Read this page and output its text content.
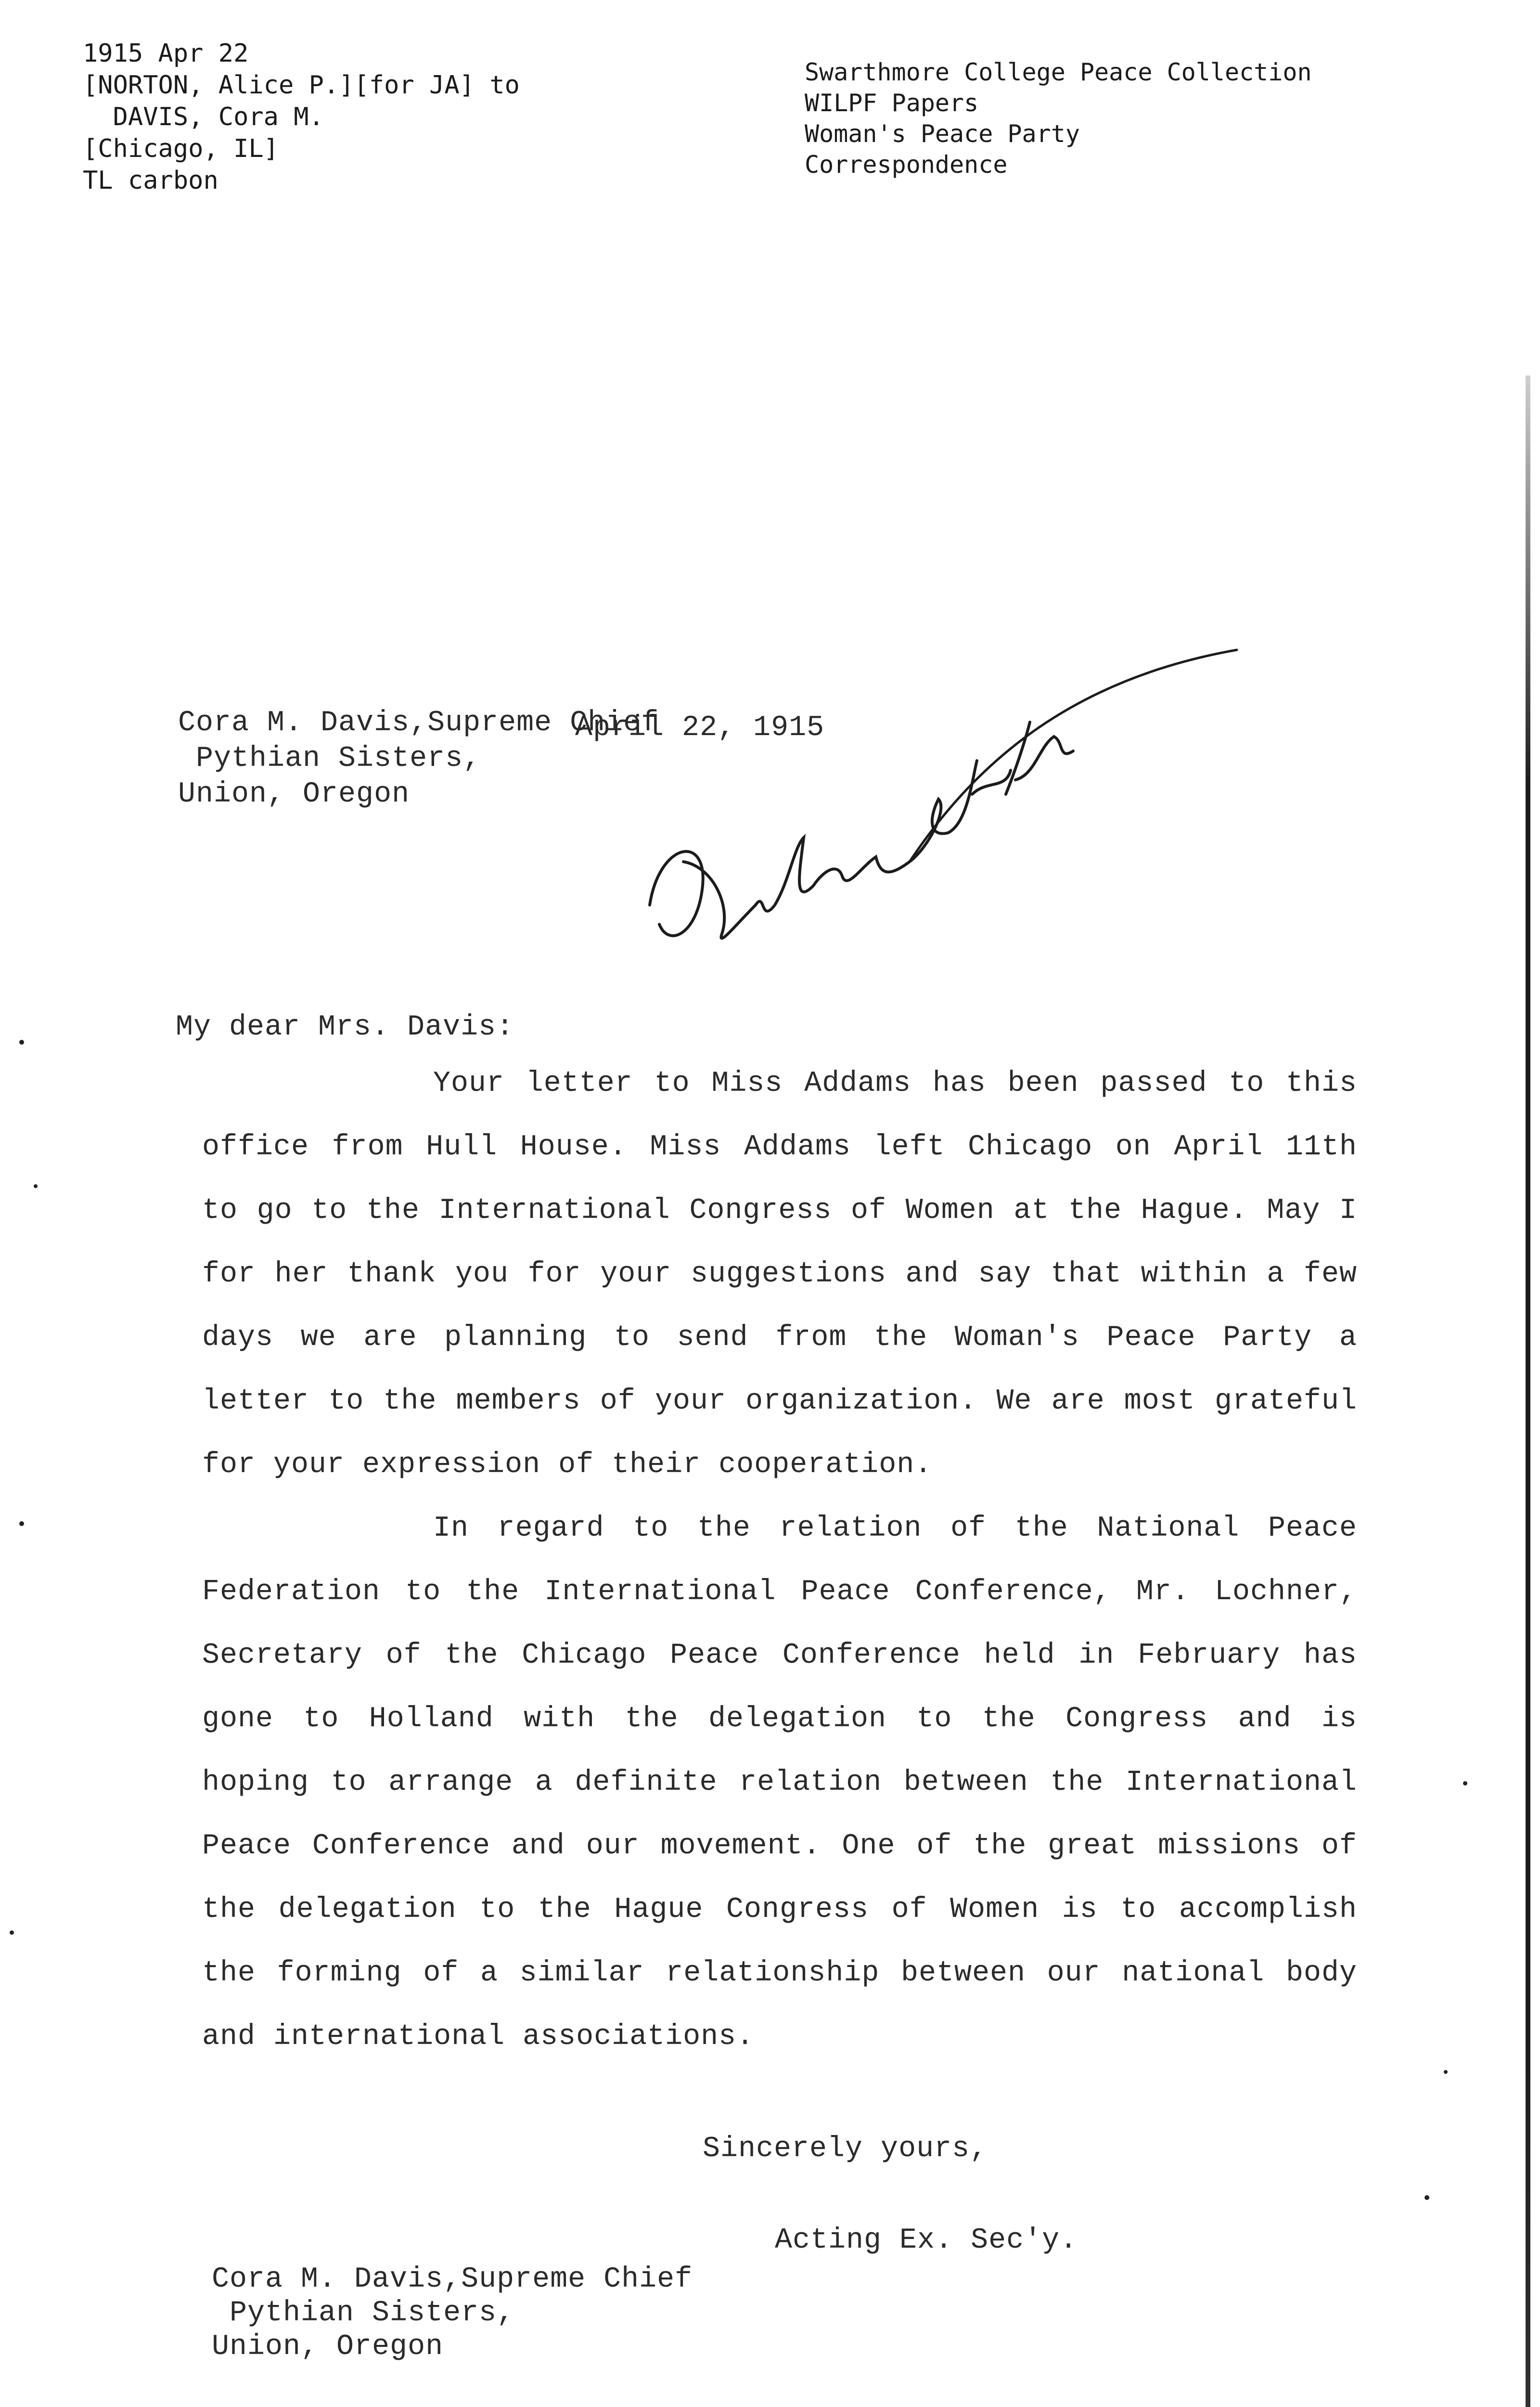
1915 Apr 22
[NORTON, Alice P.][for JA] to
DAVIS, Cora M.
[Chicago, IL]
TL carbon
Swarthmore College Peace Collection
WILPF Papers
Woman's Peace Party
Correspondence
Cora M. Davis,Supreme Chief
Pythian Sisters,
Union, Oregon
April 22, 1915
Pythian Sisters
My dear Mrs. Davis:

Your letter to Miss Addams has been passed to this office from Hull House. Miss Addams left Chicago on April 11th to go to the International Congress of Women at the Hague. May I for her thank you for your suggestions and say that within a few days we are planning to send from the Woman's Peace Party a letter to the members of your organization. We are most grateful for your expression of their cooperation.

In regard to the relation of the National Peace Federation to the International Peace Conference, Mr. Lochner, Secretary of the Chicago Peace Conference held in February has gone to Holland with the delegation to the Congress and is hoping to arrange a definite relation between the International Peace Conference and our movement. One of the great missions of the delegation to the Hague Congress of Women is to accomplish the forming of a similar relationship between our national body and international associations.

Sincerely yours,
Acting Ex. Sec'y.
Cora M. Davis,Supreme Chief
Pythian Sisters,
Union, Oregon
